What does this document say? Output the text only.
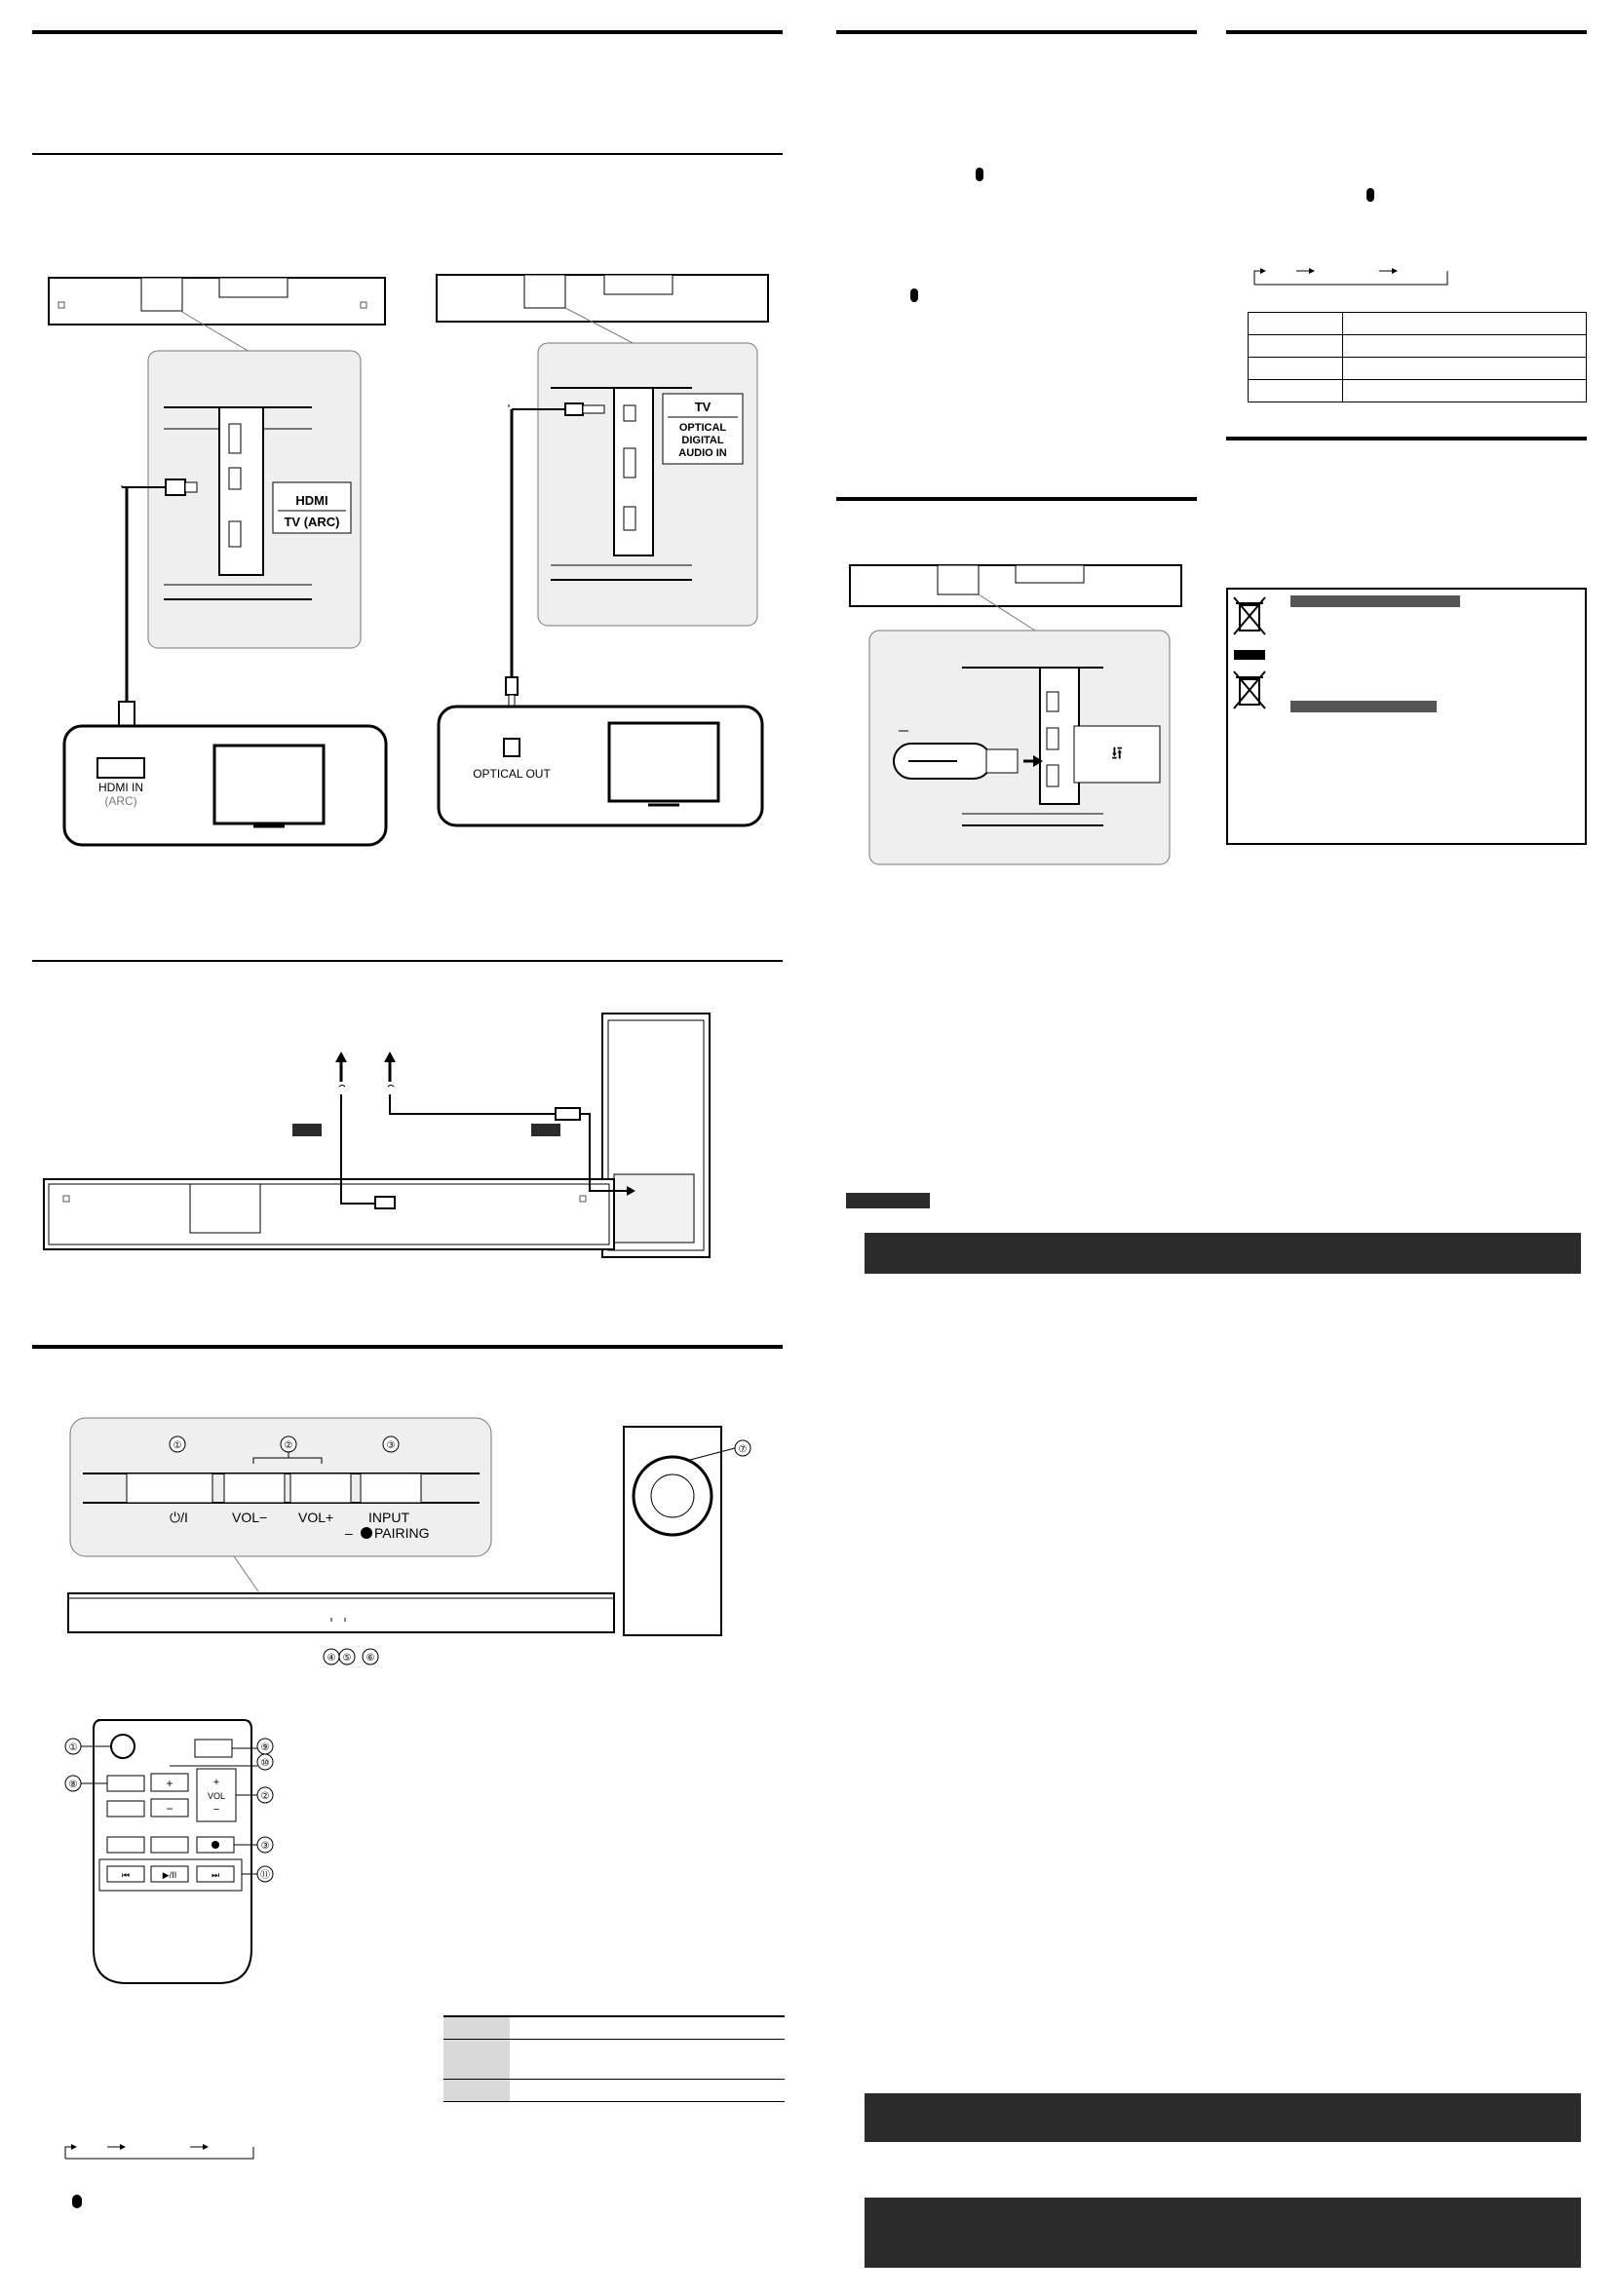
HDMI
TV (ARC)
HDMI IN
(ARC)
TV
OPTICAL
DIGITAL
AUDIO IN
OPTICAL OUT
①	②	③
⏻/I	VOL− VOL+	INPUT
– PAIRING
④ ⑤ ⑥
⑦
①
⑧	+
−
+
VOL
−
⑨
⑩
②
③
⏮	▶/II	⏭	⑪

⭿
